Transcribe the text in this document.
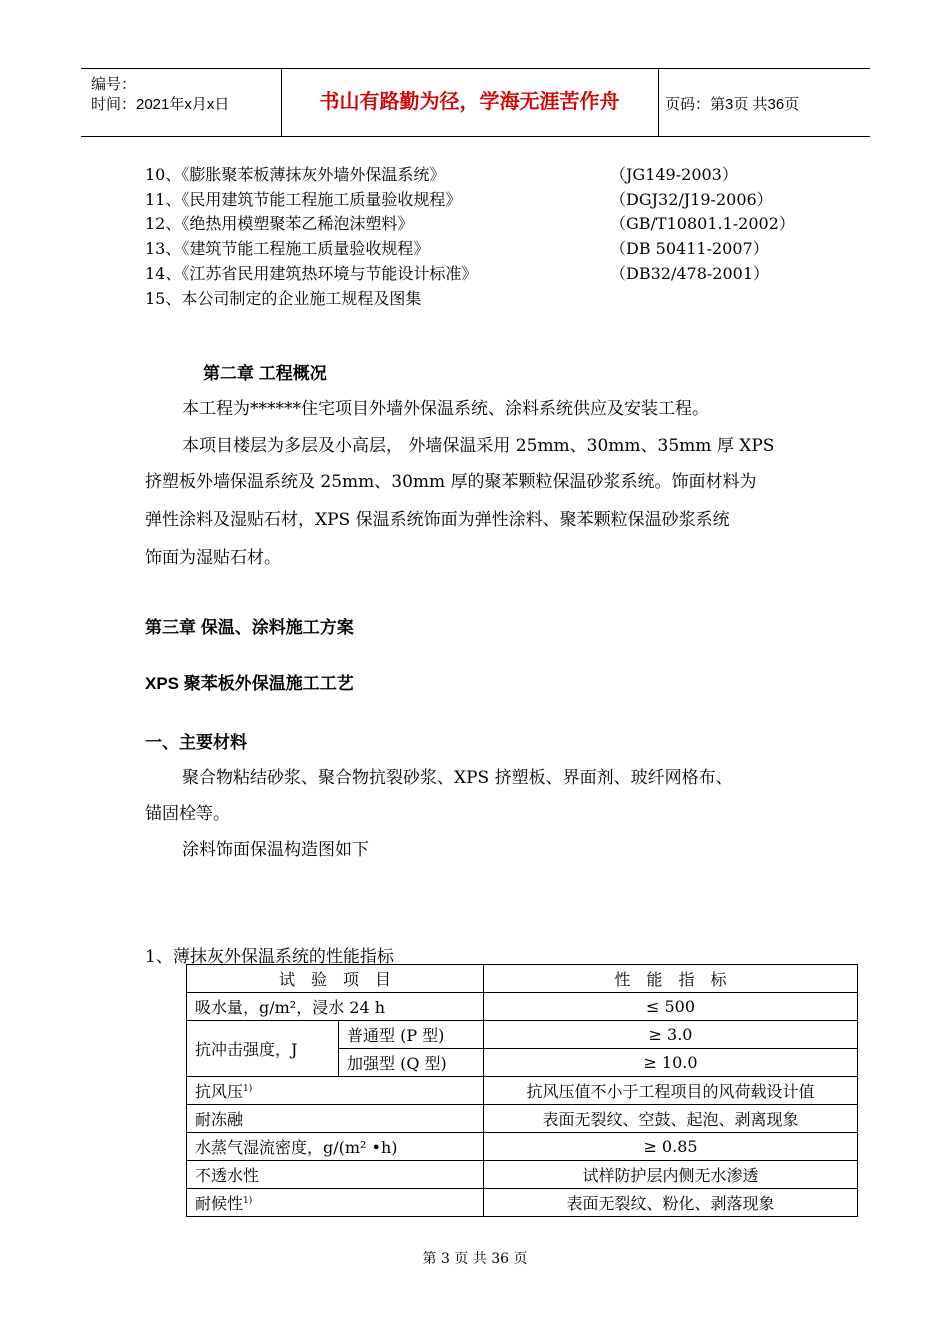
编号：
时间：2021年x月x日	书山有路勤为径，学海无涯苦作舟	页码：第3页 共36页
10、《膨胀聚苯板薄抹灰外墙外保温系统》	（JG149-2003）
11、《民用建筑节能工程施工质量验收规程》	（DGJ32/J19-2006）
12、《绝热用模塑聚苯乙稀泡沫塑料》	（GB/T10801.1-2002）
13、《建筑节能工程施工质量验收规程》	（DB 50411-2007）
14、《江苏省民用建筑热环境与节能设计标准》	（DB32/478-2001）
15、本公司制定的企业施工规程及图集
第二章 工程概况
本工程为******住宅项目外墙外保温系统、涂料系统供应及安装工程。
本项目楼层为多层及小高层， 外墙保温采用 25mm、30mm、35mm 厚 XPS
挤塑板外墙保温系统及 25mm、30mm 厚的聚苯颗粒保温砂浆系统。饰面材料为
弹性涂料及湿贴石材，XPS 保温系统饰面为弹性涂料、聚苯颗粒保温砂浆系统
饰面为湿贴石材。
第三章 保温、涂料施工方案
XPS 聚苯板外保温施工工艺
一、主要材料
聚合物粘结砂浆、聚合物抗裂砂浆、XPS 挤塑板、界面剂、玻纤网格布、
锚固栓等。
涂料饰面保温构造图如下
1、薄抹灰外保温系统的性能指标
试　验　项　目		性　能　指　标
吸水量，g/m²，浸水 24 h		≤ 500
抗冲击强度，J	普通型 (P 型)	≥ 3.0
	加强型 (Q 型)	≥ 10.0
抗风压$^{1)}$		抗风压值不小于工程项目的风荷载设计值
耐冻融		表面无裂纹、空鼓、起泡、剥离现象
水蒸气湿流密度，g/(m² •h)		≥ 0.85
不透水性		试样防护层内侧无水渗透
耐候性$^{1)}$		表面无裂纹、粉化、剥落现象
第 3 页 共 36 页
